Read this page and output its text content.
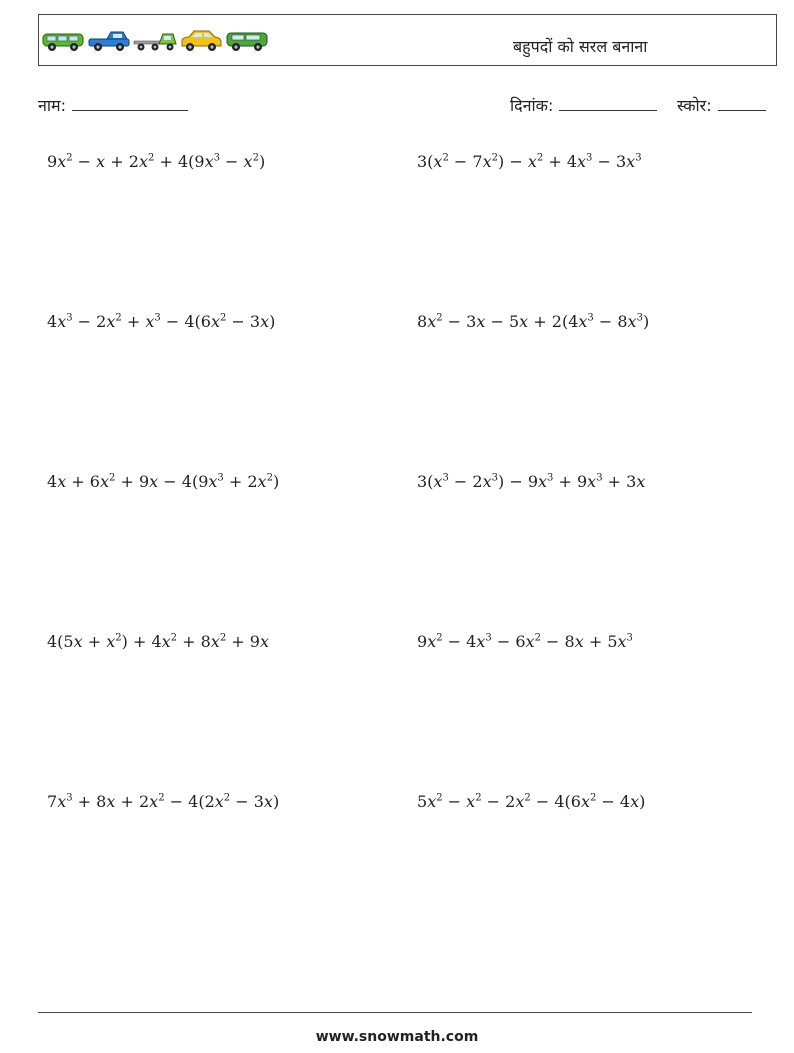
बहुपदों को सरल बनाना
नाम:	दिनांक:	स्कोर:
$9x^2 - x + 2x^2 + 4(9x^3 - x^2)$	$3(x^2 - 7x^2) - x^2 + 4x^3 - 3x^3$
$4x^3 - 2x^2 + x^3 - 4(6x^2 - 3x)$	$8x^2 - 3x - 5x + 2(4x^3 - 8x^3)$
$4x + 6x^2 + 9x - 4(9x^3 + 2x^2)$	$3(x^3 - 2x^3) - 9x^3 + 9x^3 + 3x$
$4(5x + x^2) + 4x^2 + 8x^2 + 9x$	$9x^2 - 4x^3 - 6x^2 - 8x + 5x^3$
$7x^3 + 8x + 2x^2 - 4(2x^2 - 3x)$	$5x^2 - x^2 - 2x^2 - 4(6x^2 - 4x)$
www.snowmath.com
